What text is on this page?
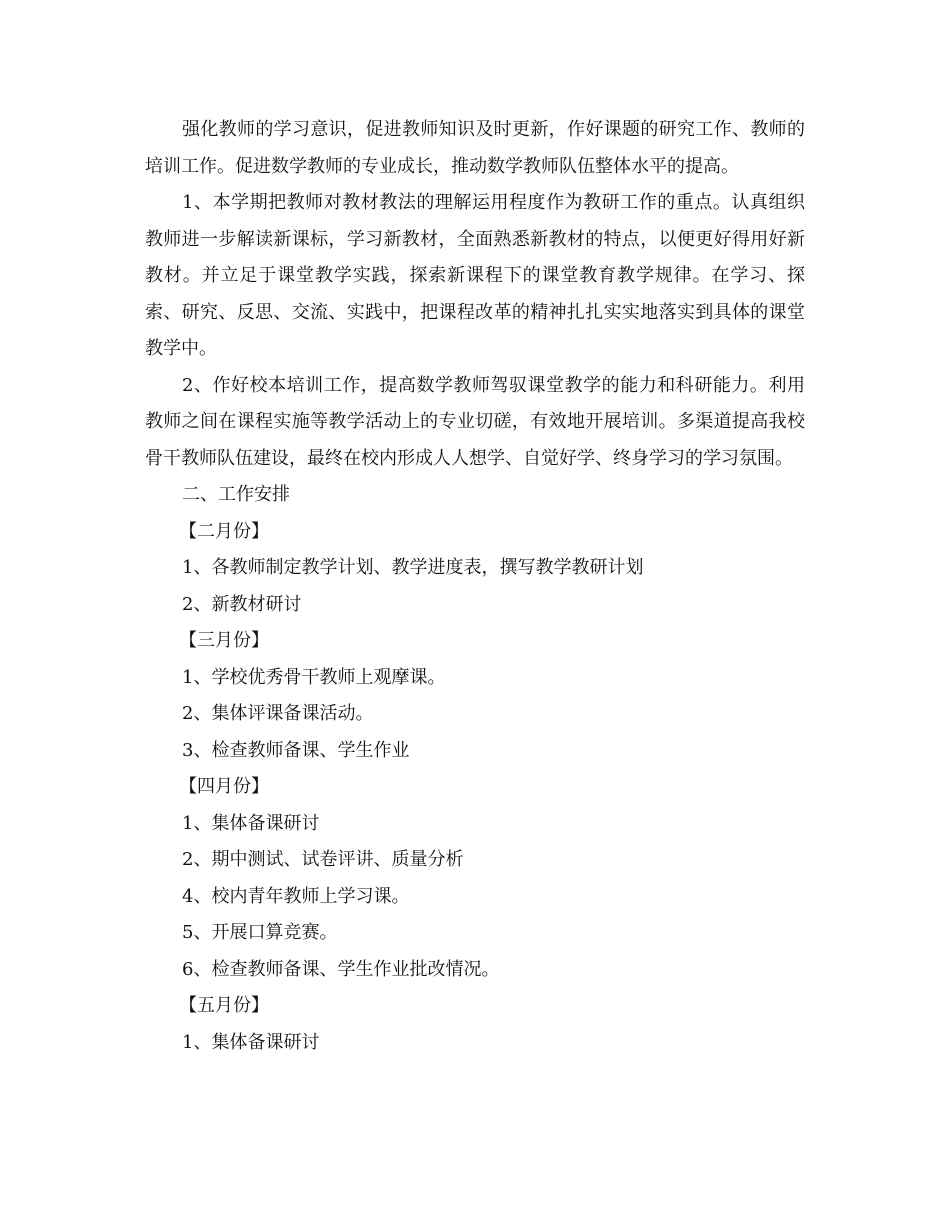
强化教师的学习意识，促进教师知识及时更新，作好课题的研究工作、教师的培训工作。促进数学教师的专业成长，推动数学教师队伍整体水平的提高。

1、本学期把教师对教材教法的理解运用程度作为教研工作的重点。认真组织教师进一步解读新课标，学习新教材，全面熟悉新教材的特点，以便更好得用好新教材。并立足于课堂教学实践，探索新课程下的课堂教育教学规律。在学习、探索、研究、反思、交流、实践中，把课程改革的精神扎扎实实地落实到具体的课堂教学中。

2、作好校本培训工作，提高数学教师驾驭课堂教学的能力和科研能力。利用教师之间在课程实施等教学活动上的专业切磋，有效地开展培训。多渠道提高我校骨干教师队伍建设，最终在校内形成人人想学、自觉好学、终身学习的学习氛围。

二、工作安排

【二月份】

1、各教师制定教学计划、教学进度表，撰写教学教研计划

2、新教材研讨

【三月份】

1、学校优秀骨干教师上观摩课。

2、集体评课备课活动。

3、检查教师备课、学生作业

【四月份】

1、集体备课研讨

2、期中测试、试卷评讲、质量分析

4、校内青年教师上学习课。

5、开展口算竞赛。

6、检查教师备课、学生作业批改情况。

【五月份】

1、集体备课研讨
